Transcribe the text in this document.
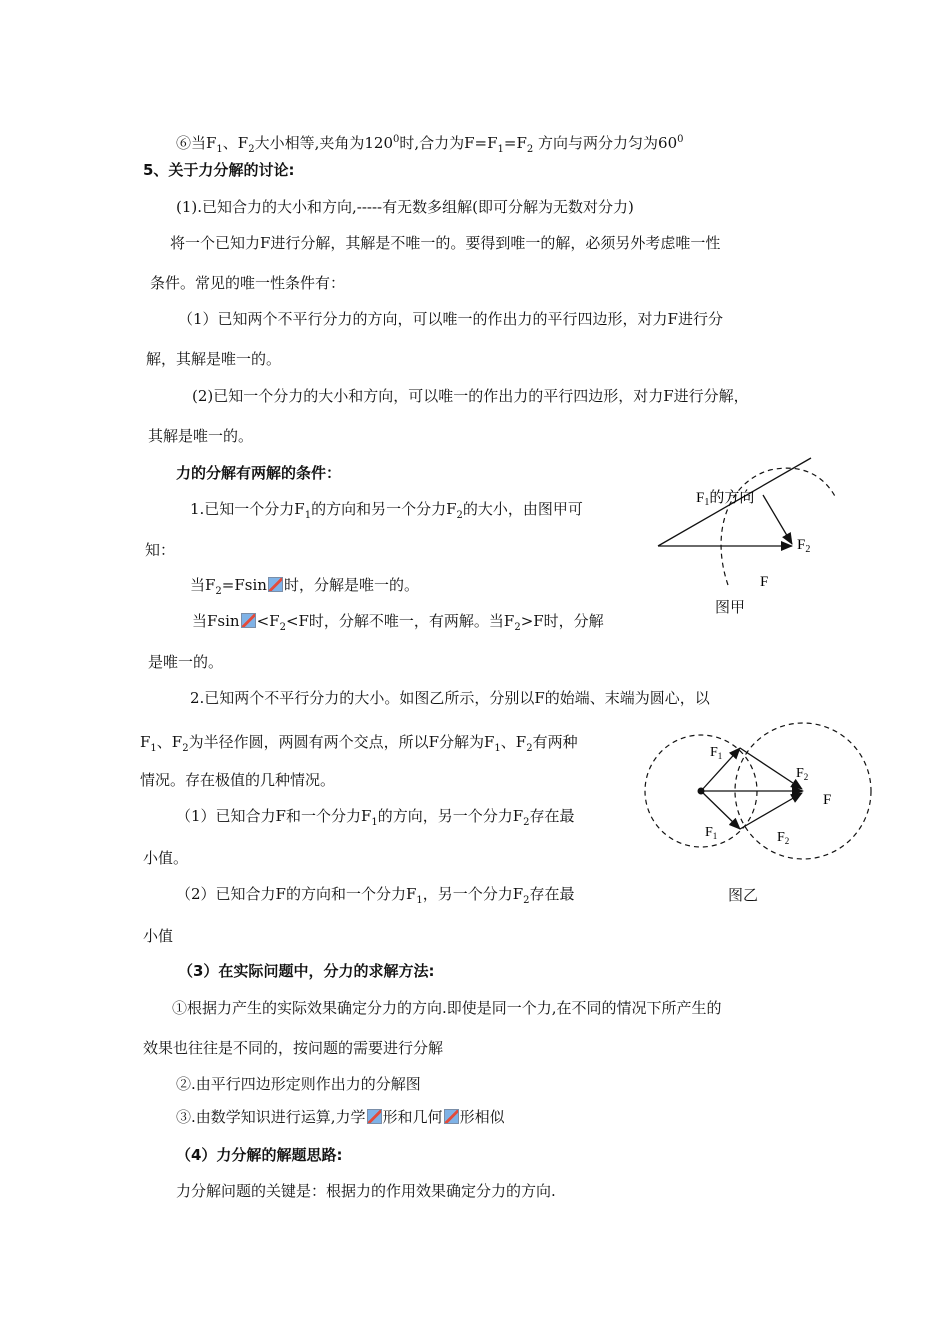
⑥当$F_1$、$F_2$大小相等,夹角为$120^0$时,合力为$F=F_1=F_2$ 方向与两分力匀为$60^0$
5、关于力分解的讨论:
(1).已知合力的大小和方向,-----有无数多组解(即可分解为无数对分力)
将一个已知力F进行分解，其解是不唯一的。要得到唯一的解，必须另外考虑唯一性
条件。常见的唯一性条件有：
（1）已知两个不平行分力的方向，可以唯一的作出力的平行四边形，对力F进行分
解，其解是唯一的。
(2)已知一个分力的大小和方向，可以唯一的作出力的平行四边形，对力F进行分解，
其解是唯一的。
力的分解有两解的条件：
1.已知一个分力$F_1$的方向和另一个分力$F_2$的大小，由图甲可
知：
当$F_2=Fsin$ 时，分解是唯一的。
当$Fsin <F_2<F$时，分解不唯一，有两解。当$F_2>F$时，分解
是唯一的。
2.已知两个不平行分力的大小。如图乙所示，分别以F的始端、末端为圆心，以
$F_1$、$F_2$为半径作圆，两圆有两个交点，所以F分解为$F_1$、$F_2$有两种
情况。存在极值的几种情况。
（1）已知合力F和一个分力$F_1$的方向，另一个分力$F_2$存在最
小值。
（2）已知合力F的方向和一个分力$F_1$，另一个分力$F_2$存在最
小值
（3）在实际问题中，分力的求解方法:
①根据力产生的实际效果确定分力的方向.即使是同一个力,在不同的情况下所产生的
效果也往往是不同的，按问题的需要进行分解
②.由平行四边形定则作出力的分解图
③.由数学知识进行运算,力学 形和几何 形相似
（4）力分解的解题思路:
力分解问题的关键是：根据力的作用效果确定分力的方向.
$F_1$的方向
$F_2$
F
图甲
$F_1$
$F_2$
F
$F_1$	$F_2$
图乙
